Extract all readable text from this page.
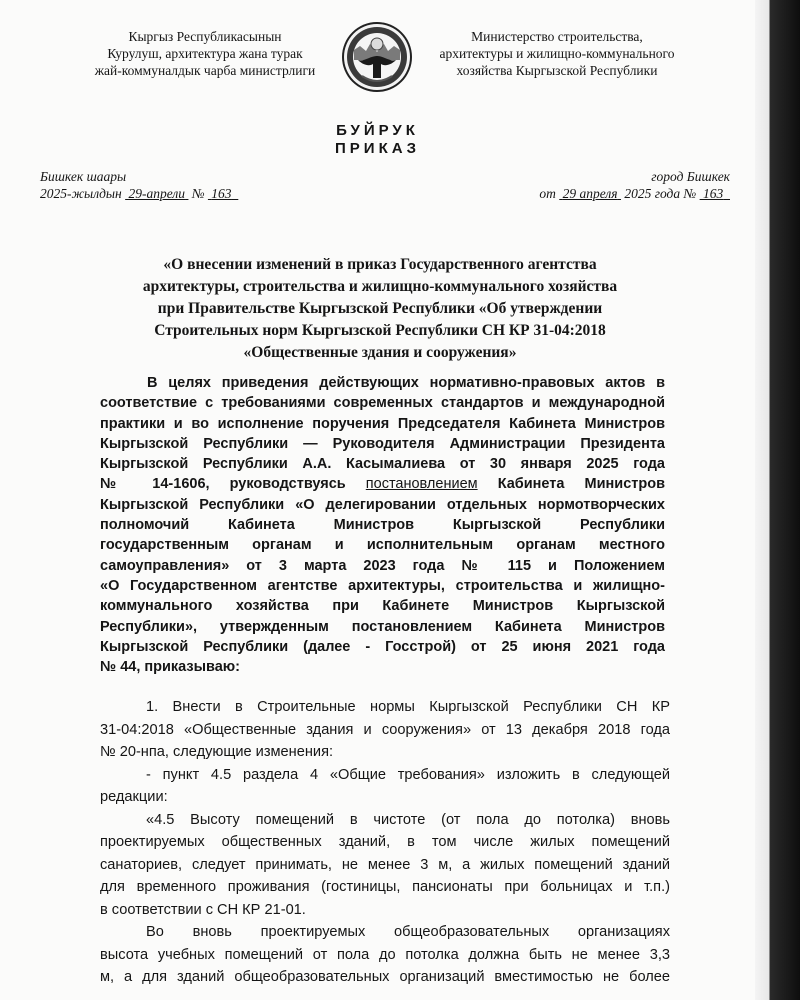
Кыргыз Республикасынын
Курулуш, архитектура жана турак
жай-коммуналдык чарба министрлиги
Министерство строительства,
архитектуры и жилищно-коммунального
хозяйства Кыргызской Республики
БУЙРУК
ПРИКАЗ
Бишкек шаары
2025-жылдын 29-апрели № 163
город Бишкек
от 29 апреля 2025 года № 163
«О внесении изменений в приказ Государственного агентства
архитектуры, строительства и жилищно-коммунального хозяйства
при Правительстве Кыргызской Республики «Об утверждении
Строительных норм Кыргызской Республики СН КР 31-04:2018
«Общественные здания и сооружения»
В целях приведения действующих нормативно-правовых актов в
соответствие с требованиями современных стандартов и международной
практики и во исполнение поручения Председателя Кабинета Министров
Кыргызской Республики — Руководителя Администрации Президента
Кыргызской Республики А.А. Касымалиева от 30 января 2025 года
№ 14-1606, руководствуясь постановлением Кабинета Министров
Кыргызской Республики «О делегировании отдельных нормотворческих
полномочий Кабинета Министров Кыргызской Республики
государственным органам и исполнительным органам местного
самоуправления» от 3 марта 2023 года № 115 и Положением
«О Государственном агентстве архитектуры, строительства и жилищно-
коммунального хозяйства при Кабинете Министров Кыргызской
Республики», утвержденным постановлением Кабинета Министров
Кыргызской Республики (далее - Госстрой) от 25 июня 2021 года
№ 44, приказываю:
1. Внести в Строительные нормы Кыргызской Республики СН КР
31-04:2018 «Общественные здания и сооружения» от 13 декабря 2018 года
№ 20-нпа, следующие изменения:
- пункт 4.5 раздела 4 «Общие требования» изложить в следующей
редакции:
«4.5 Высоту помещений в чистоте (от пола до потолка) вновь
проектируемых общественных зданий, в том числе жилых помещений
санаториев, следует принимать, не менее 3 м, а жилых помещений зданий
для временного проживания (гостиницы, пансионаты при больницах и т.п.)
в соответствии с СН КР 21-01.
Во вновь проектируемых общеобразовательных организациях
высота учебных помещений от пола до потолка должна быть не менее 3,3
м, а для зданий общеобразовательных организаций вместимостью не более
